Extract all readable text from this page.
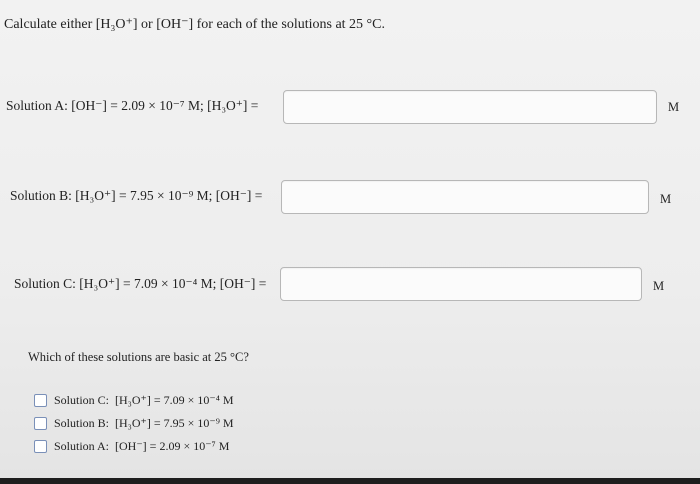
Calculate either [H₃O⁺] or [OH⁻] for each of the solutions at 25 °C.
Solution A: [OH⁻] = 2.09 × 10⁻⁷ M; [H₃O⁺] =	M
Solution B: [H₃O⁺] = 7.95 × 10⁻⁹ M; [OH⁻] =	M
Solution C: [H₃O⁺] = 7.09 × 10⁻⁴ M; [OH⁻] =	M
Which of these solutions are basic at 25 °C?
Solution C: [H₃O⁺] = 7.09 × 10⁻⁴ M
Solution B: [H₃O⁺] = 7.95 × 10⁻⁹ M
Solution A: [OH⁻] = 2.09 × 10⁻⁷ M
